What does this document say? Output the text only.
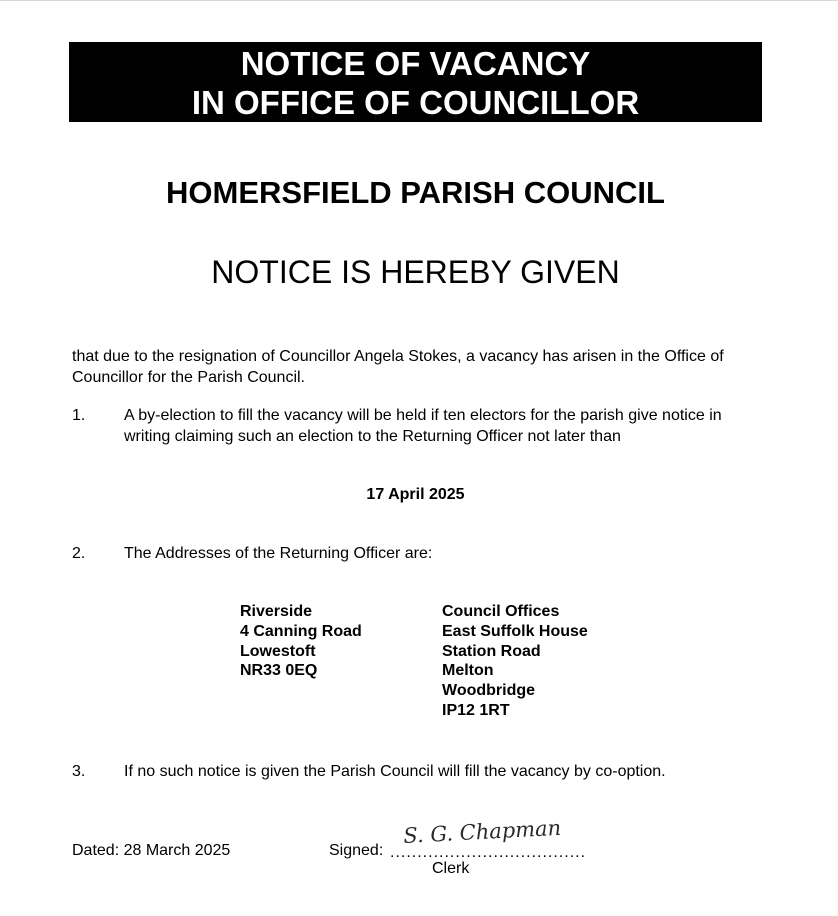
NOTICE OF VACANCY
IN OFFICE OF COUNCILLOR
HOMERSFIELD PARISH COUNCIL
NOTICE IS HEREBY GIVEN
that due to the resignation of Councillor Angela Stokes, a vacancy has arisen in the Office of Councillor for the Parish Council.
1.	A by-election to fill the vacancy will be held if ten electors for the parish give notice in writing claiming such an election to the Returning Officer not later than
17 April 2025
2.	The Addresses of the Returning Officer are:
Riverside
4 Canning Road
Lowestoft
NR33 0EQ
Council Offices
East Suffolk House
Station Road
Melton
Woodbridge
IP12 1RT
3.	If no such notice is given the Parish Council will fill the vacancy by co-option.
Dated: 28 March 2025	Signed: ....................................
S. G. Chapman
Clerk
